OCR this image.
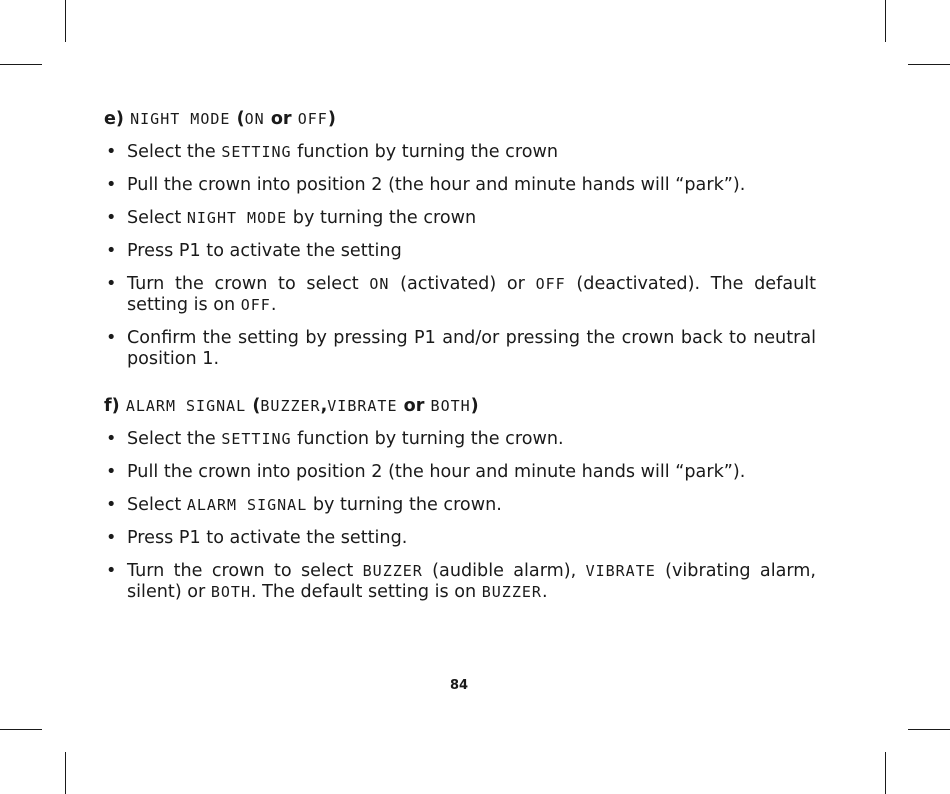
e) NIGHT MODE (ON or OFF)

• Select the SETTING function by turning the crown
• Pull the crown into position 2 (the hour and minute hands will “park”).
• Select NIGHT MODE by turning the crown
• Press P1 to activate the setting
• Turn the crown to select ON (activated) or OFF (deactivated). The default setting is on OFF.
• Confirm the setting by pressing P1 and/or pressing the crown back to neutral position 1.

f) ALARM SIGNAL (BUZZER,VIBRATE or BOTH)

• Select the SETTING function by turning the crown.
• Pull the crown into position 2 (the hour and minute hands will “park”).
• Select ALARM SIGNAL by turning the crown.
• Press P1 to activate the setting.
• Turn the crown to select BUZZER (audible alarm), VIBRATE (vibrating alarm, silent) or BOTH. The default setting is on BUZZER.
84
